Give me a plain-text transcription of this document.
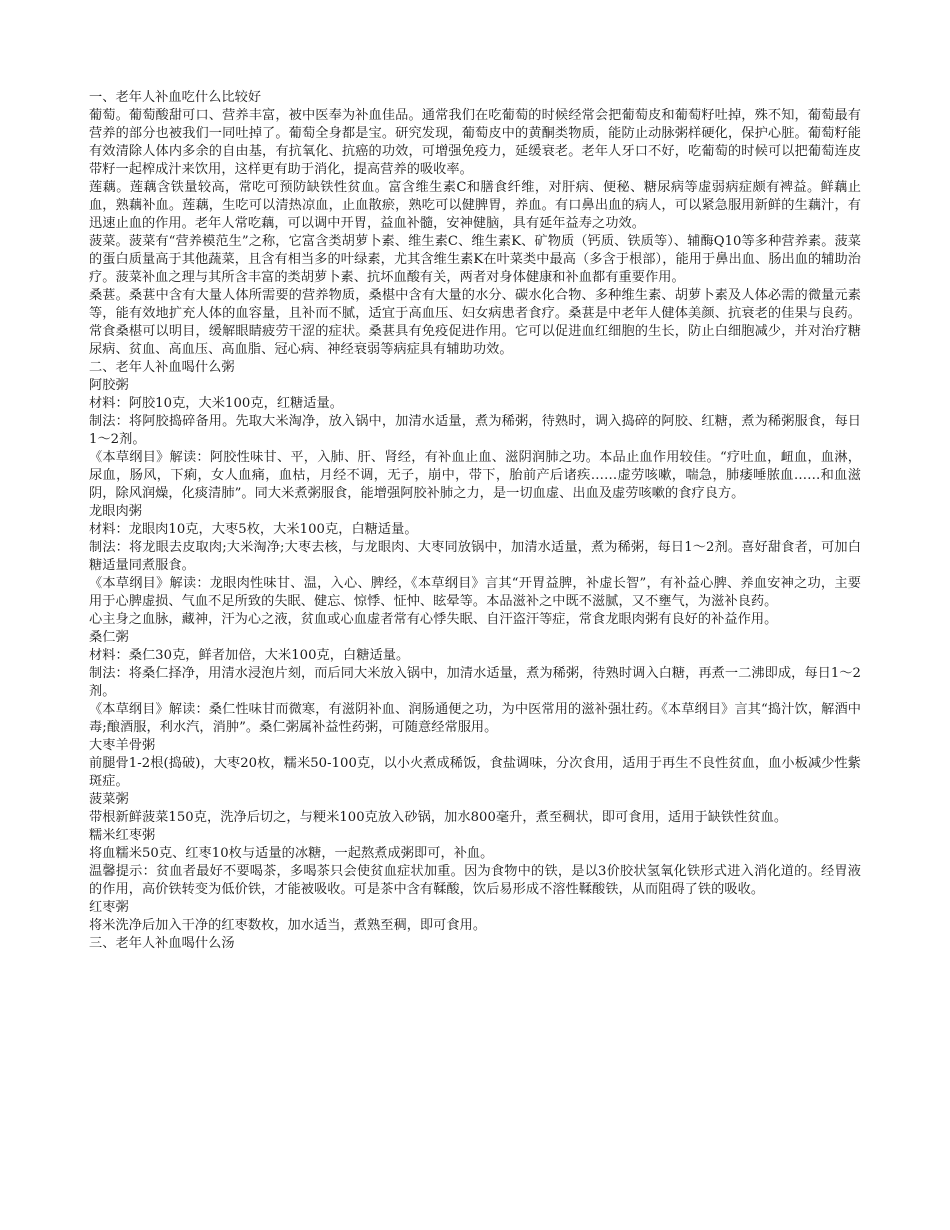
一、老年人补血吃什么比较好

葡萄。葡萄酸甜可口、营养丰富，被中医奉为补血佳品。通常我们在吃葡萄的时候经常会把葡萄皮和葡萄籽吐掉，殊不知，葡萄最有营养的部分也被我们一同吐掉了。葡萄全身都是宝。研究发现，葡萄皮中的黄酮类物质，能防止动脉粥样硬化，保护心脏。葡萄籽能有效清除人体内多余的自由基，有抗氧化、抗癌的功效，可增强免疫力，延缓衰老。老年人牙口不好，吃葡萄的时候可以把葡萄连皮带籽一起榨成汁来饮用，这样更有助于消化，提高营养的吸收率。

莲藕。莲藕含铁量较高，常吃可预防缺铁性贫血。富含维生素C和膳食纤维，对肝病、便秘、糖尿病等虚弱病症颇有裨益。鲜藕止血，熟藕补血。莲藕，生吃可以清热凉血，止血散瘀，熟吃可以健脾胃，养血。有口鼻出血的病人，可以紧急服用新鲜的生藕汁，有迅速止血的作用。老年人常吃藕，可以调中开胃，益血补髓，安神健脑，具有延年益寿之功效。

菠菜。菠菜有“营养模范生”之称，它富含类胡萝卜素、维生素C、维生素K、矿物质（钙质、铁质等）、辅酶Q10等多种营养素。菠菜的蛋白质量高于其他蔬菜，且含有相当多的叶绿素，尤其含维生素K在叶菜类中最高（多含于根部），能用于鼻出血、肠出血的辅助治疗。菠菜补血之理与其所含丰富的类胡萝卜素、抗坏血酸有关，两者对身体健康和补血都有重要作用。

桑葚。桑葚中含有大量人体所需要的营养物质，桑椹中含有大量的水分、碳水化合物、多种维生素、胡萝卜素及人体必需的微量元素等，能有效地扩充人体的血容量，且补而不腻，适宜于高血压、妇女病患者食疗。桑葚是中老年人健体美颜、抗衰老的佳果与良药。常食桑椹可以明目，缓解眼睛疲劳干涩的症状。桑葚具有免疫促进作用。它可以促进血红细胞的生长，防止白细胞减少，并对治疗糖尿病、贫血、高血压、高血脂、冠心病、神经衰弱等病症具有辅助功效。

二、老年人补血喝什么粥

阿胶粥

材料：阿胶10克，大米100克，红糖适量。

制法：将阿胶捣碎备用。先取大米淘净，放入锅中，加清水适量，煮为稀粥，待熟时，调入捣碎的阿胶、红糖，煮为稀粥服食，每日1～2剂。

《本草纲目》解读：阿胶性味甘、平，入肺、肝、肾经，有补血止血、滋阴润肺之功。本品止血作用较佳。“疗吐血，衄血，血淋，尿血，肠风，下痢，女人血痛，血枯，月经不调，无子，崩中，带下，胎前产后诸疾……虚劳咳嗽，喘急，肺痿唾脓血……和血滋阴，除风润燥，化痰清肺”。同大米煮粥服食，能增强阿胶补肺之力，是一切血虚、出血及虚劳咳嗽的食疗良方。

龙眼肉粥

材料：龙眼肉10克，大枣5枚，大米100克，白糖适量。

制法：将龙眼去皮取肉;大米淘净;大枣去核，与龙眼肉、大枣同放锅中，加清水适量，煮为稀粥，每日1～2剂。喜好甜食者，可加白糖适量同煮服食。

《本草纲目》解读：龙眼肉性味甘、温，入心、脾经，《本草纲目》言其“开胃益脾，补虚长智”，有补益心脾、养血安神之功，主要用于心脾虚损、气血不足所致的失眠、健忘、惊悸、怔忡、眩晕等。本品滋补之中既不滋腻，又不壅气，为滋补良药。

心主身之血脉，藏神，汗为心之液，贫血或心血虚者常有心悸失眠、自汗盗汗等症，常食龙眼肉粥有良好的补益作用。

桑仁粥

材料：桑仁30克，鲜者加倍，大米100克，白糖适量。

制法：将桑仁择净，用清水浸泡片刻，而后同大米放入锅中，加清水适量，煮为稀粥，待熟时调入白糖，再煮一二沸即成，每日1～2剂。

《本草纲目》解读：桑仁性味甘而微寒，有滋阴补血、润肠通便之功，为中医常用的滋补强壮药。《本草纲目》言其“捣汁饮，解酒中毒;酿酒服，利水汽，消肿”。桑仁粥属补益性药粥，可随意经常服用。

大枣羊骨粥

前腿骨1-2根(捣破)，大枣20枚，糯米50-100克，以小火煮成稀饭，食盐调味，分次食用，适用于再生不良性贫血，血小板减少性紫斑症。

菠菜粥

带根新鲜菠菜150克，洗净后切之，与粳米100克放入砂锅，加水800毫升，煮至稠状，即可食用，适用于缺铁性贫血。

糯米红枣粥

将血糯米50克、红枣10枚与适量的冰糖，一起熬煮成粥即可，补血。

温馨提示：贫血者最好不要喝茶，多喝茶只会使贫血症状加重。因为食物中的铁，是以3价胶状氢氧化铁形式进入消化道的。经胃液的作用，高价铁转变为低价铁，才能被吸收。可是茶中含有鞣酸，饮后易形成不溶性鞣酸铁，从而阻碍了铁的吸收。

红枣粥

将米洗净后加入干净的红枣数枚，加水适当，煮熟至稠，即可食用。

三、老年人补血喝什么汤
